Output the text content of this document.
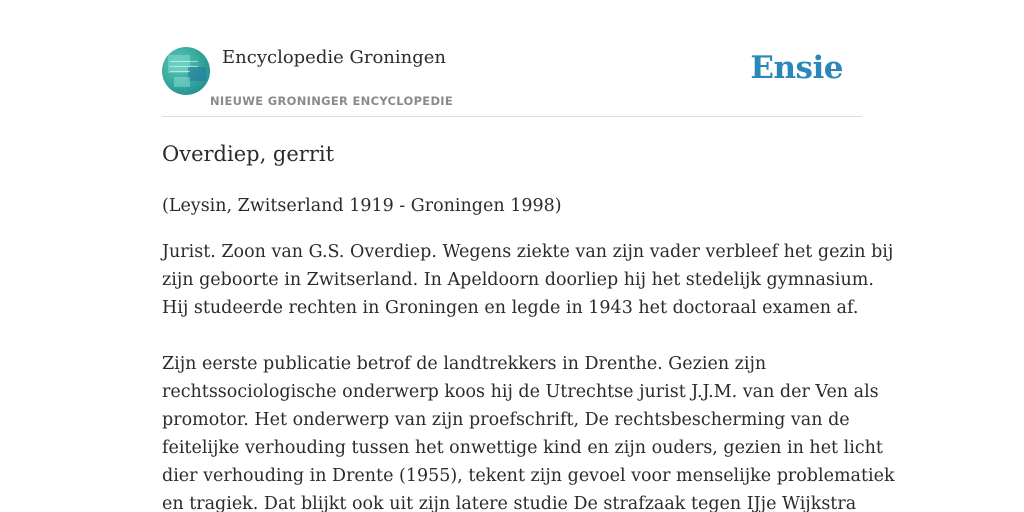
Encyclopedie Groningen
NIEUWE GRONINGER ENCYCLOPEDIE
Ensie
Overdiep, gerrit

(Leysin, Zwitserland 1919 - Groningen 1998)

Jurist. Zoon van G.S. Overdiep. Wegens ziekte van zijn vader verbleef het gezin bij
zijn geboorte in Zwitserland. In Apeldoorn doorliep hij het stedelijk gymnasium.
Hij studeerde rechten in Groningen en legde in 1943 het doctoraal examen af.

Zijn eerste publicatie betrof de landtrekkers in Drenthe. Gezien zijn
rechtssociologische onderwerp koos hij de Utrechtse jurist J.J.M. van der Ven als
promotor. Het onderwerp van zijn proefschrift, De rechtsbescherming van de
feitelijke verhouding tussen het onwettige kind en zijn ouders, gezien in het licht
dier verhouding in Drente (1955), tekent zijn gevoel voor menselijke problematiek
en tragiek. Dat blijkt ook uit zijn latere studie De strafzaak tegen IJje Wijkstra
